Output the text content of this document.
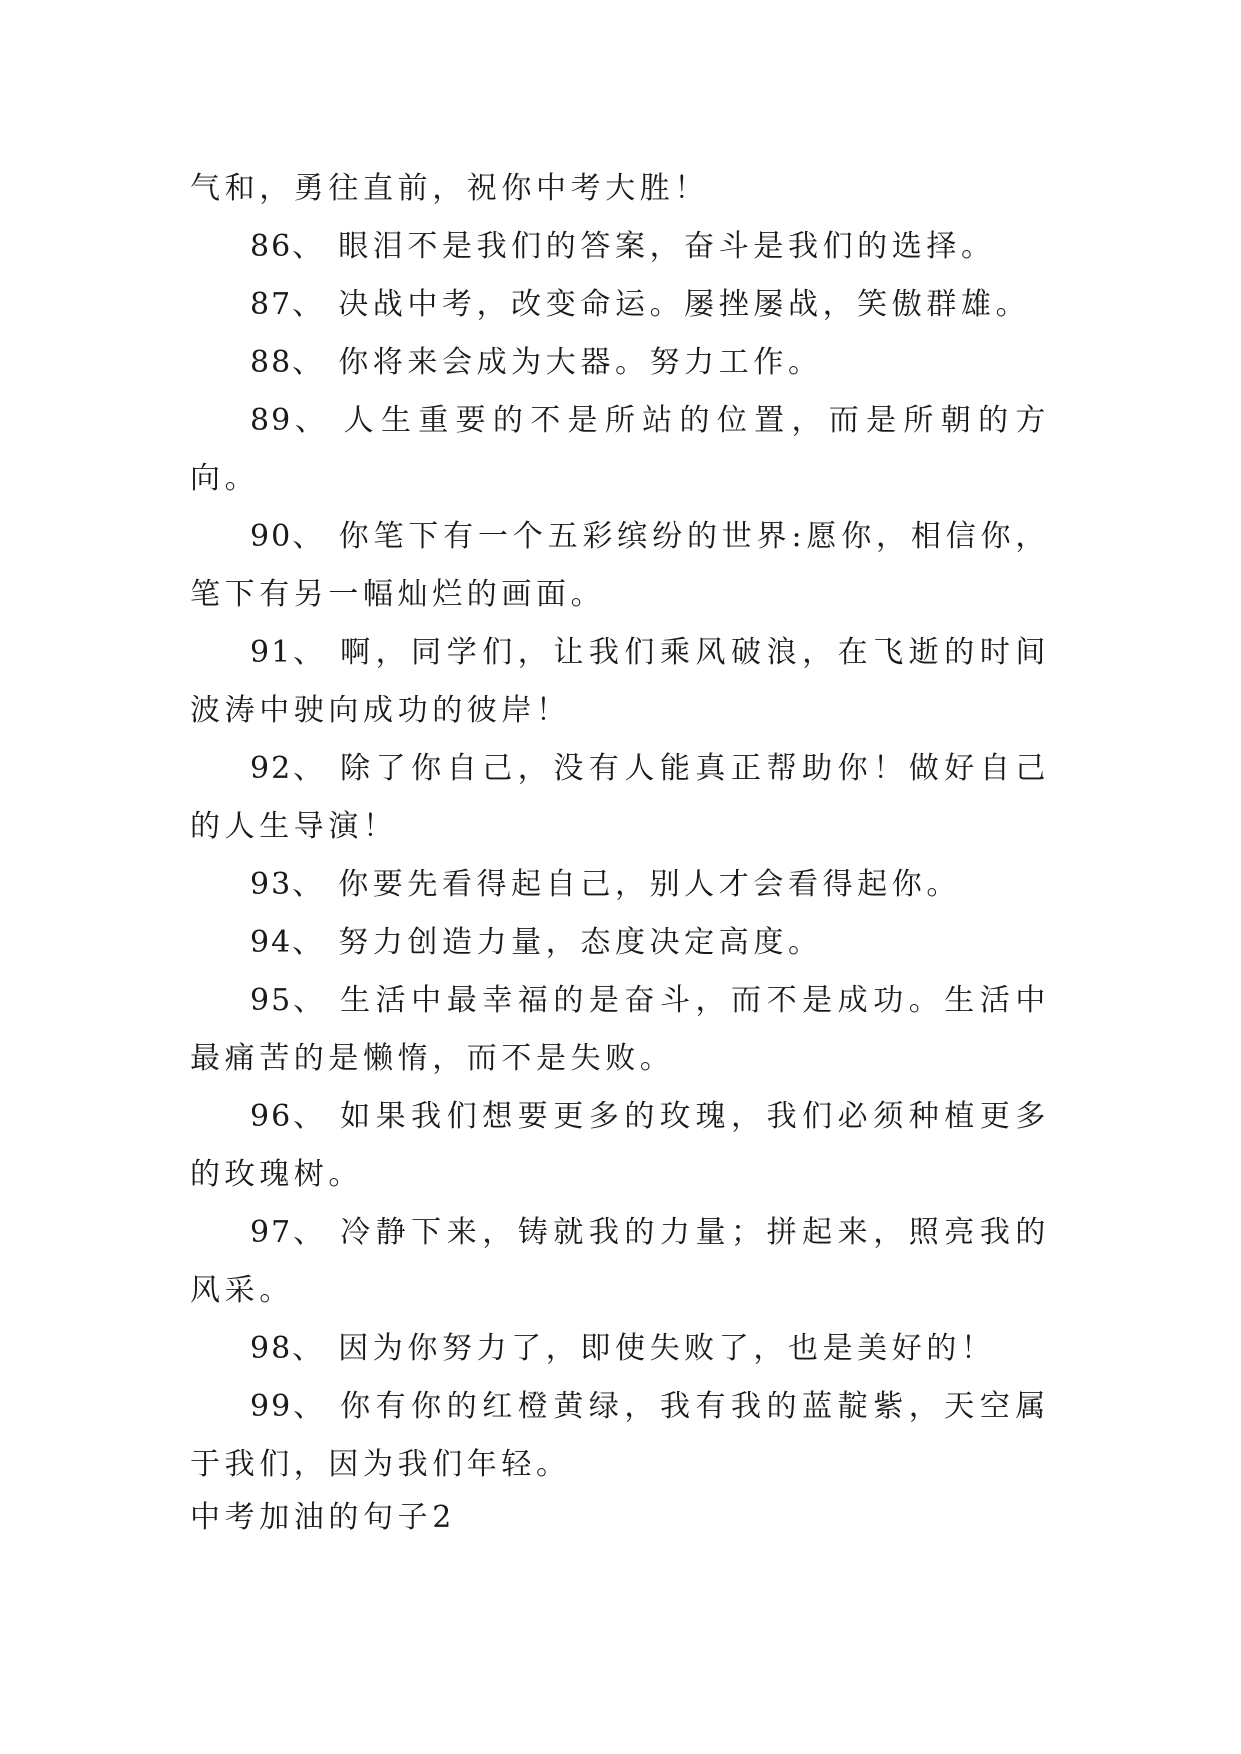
气和，勇往直前，祝你中考大胜！

86、 眼泪不是我们的答案，奋斗是我们的选择。

87、 决战中考，改变命运。屡挫屡战，笑傲群雄。

88、 你将来会成为大器。努力工作。

89、 人生重要的不是所站的位置，而是所朝的方向。

90、 你笔下有一个五彩缤纷的世界:愿你，相信你，笔下有另一幅灿烂的画面。

91、 啊，同学们，让我们乘风破浪，在飞逝的时间波涛中驶向成功的彼岸！

92、 除了你自己，没有人能真正帮助你！做好自己的人生导演！

93、 你要先看得起自己，别人才会看得起你。

94、 努力创造力量，态度决定高度。

95、 生活中最幸福的是奋斗，而不是成功。生活中最痛苦的是懒惰，而不是失败。

96、 如果我们想要更多的玫瑰，我们必须种植更多的玫瑰树。

97、 冷静下来，铸就我的力量；拼起来，照亮我的风采。

98、 因为你努力了，即使失败了，也是美好的！

99、 你有你的红橙黄绿，我有我的蓝靛紫，天空属于我们，因为我们年轻。

中考加油的句子2
